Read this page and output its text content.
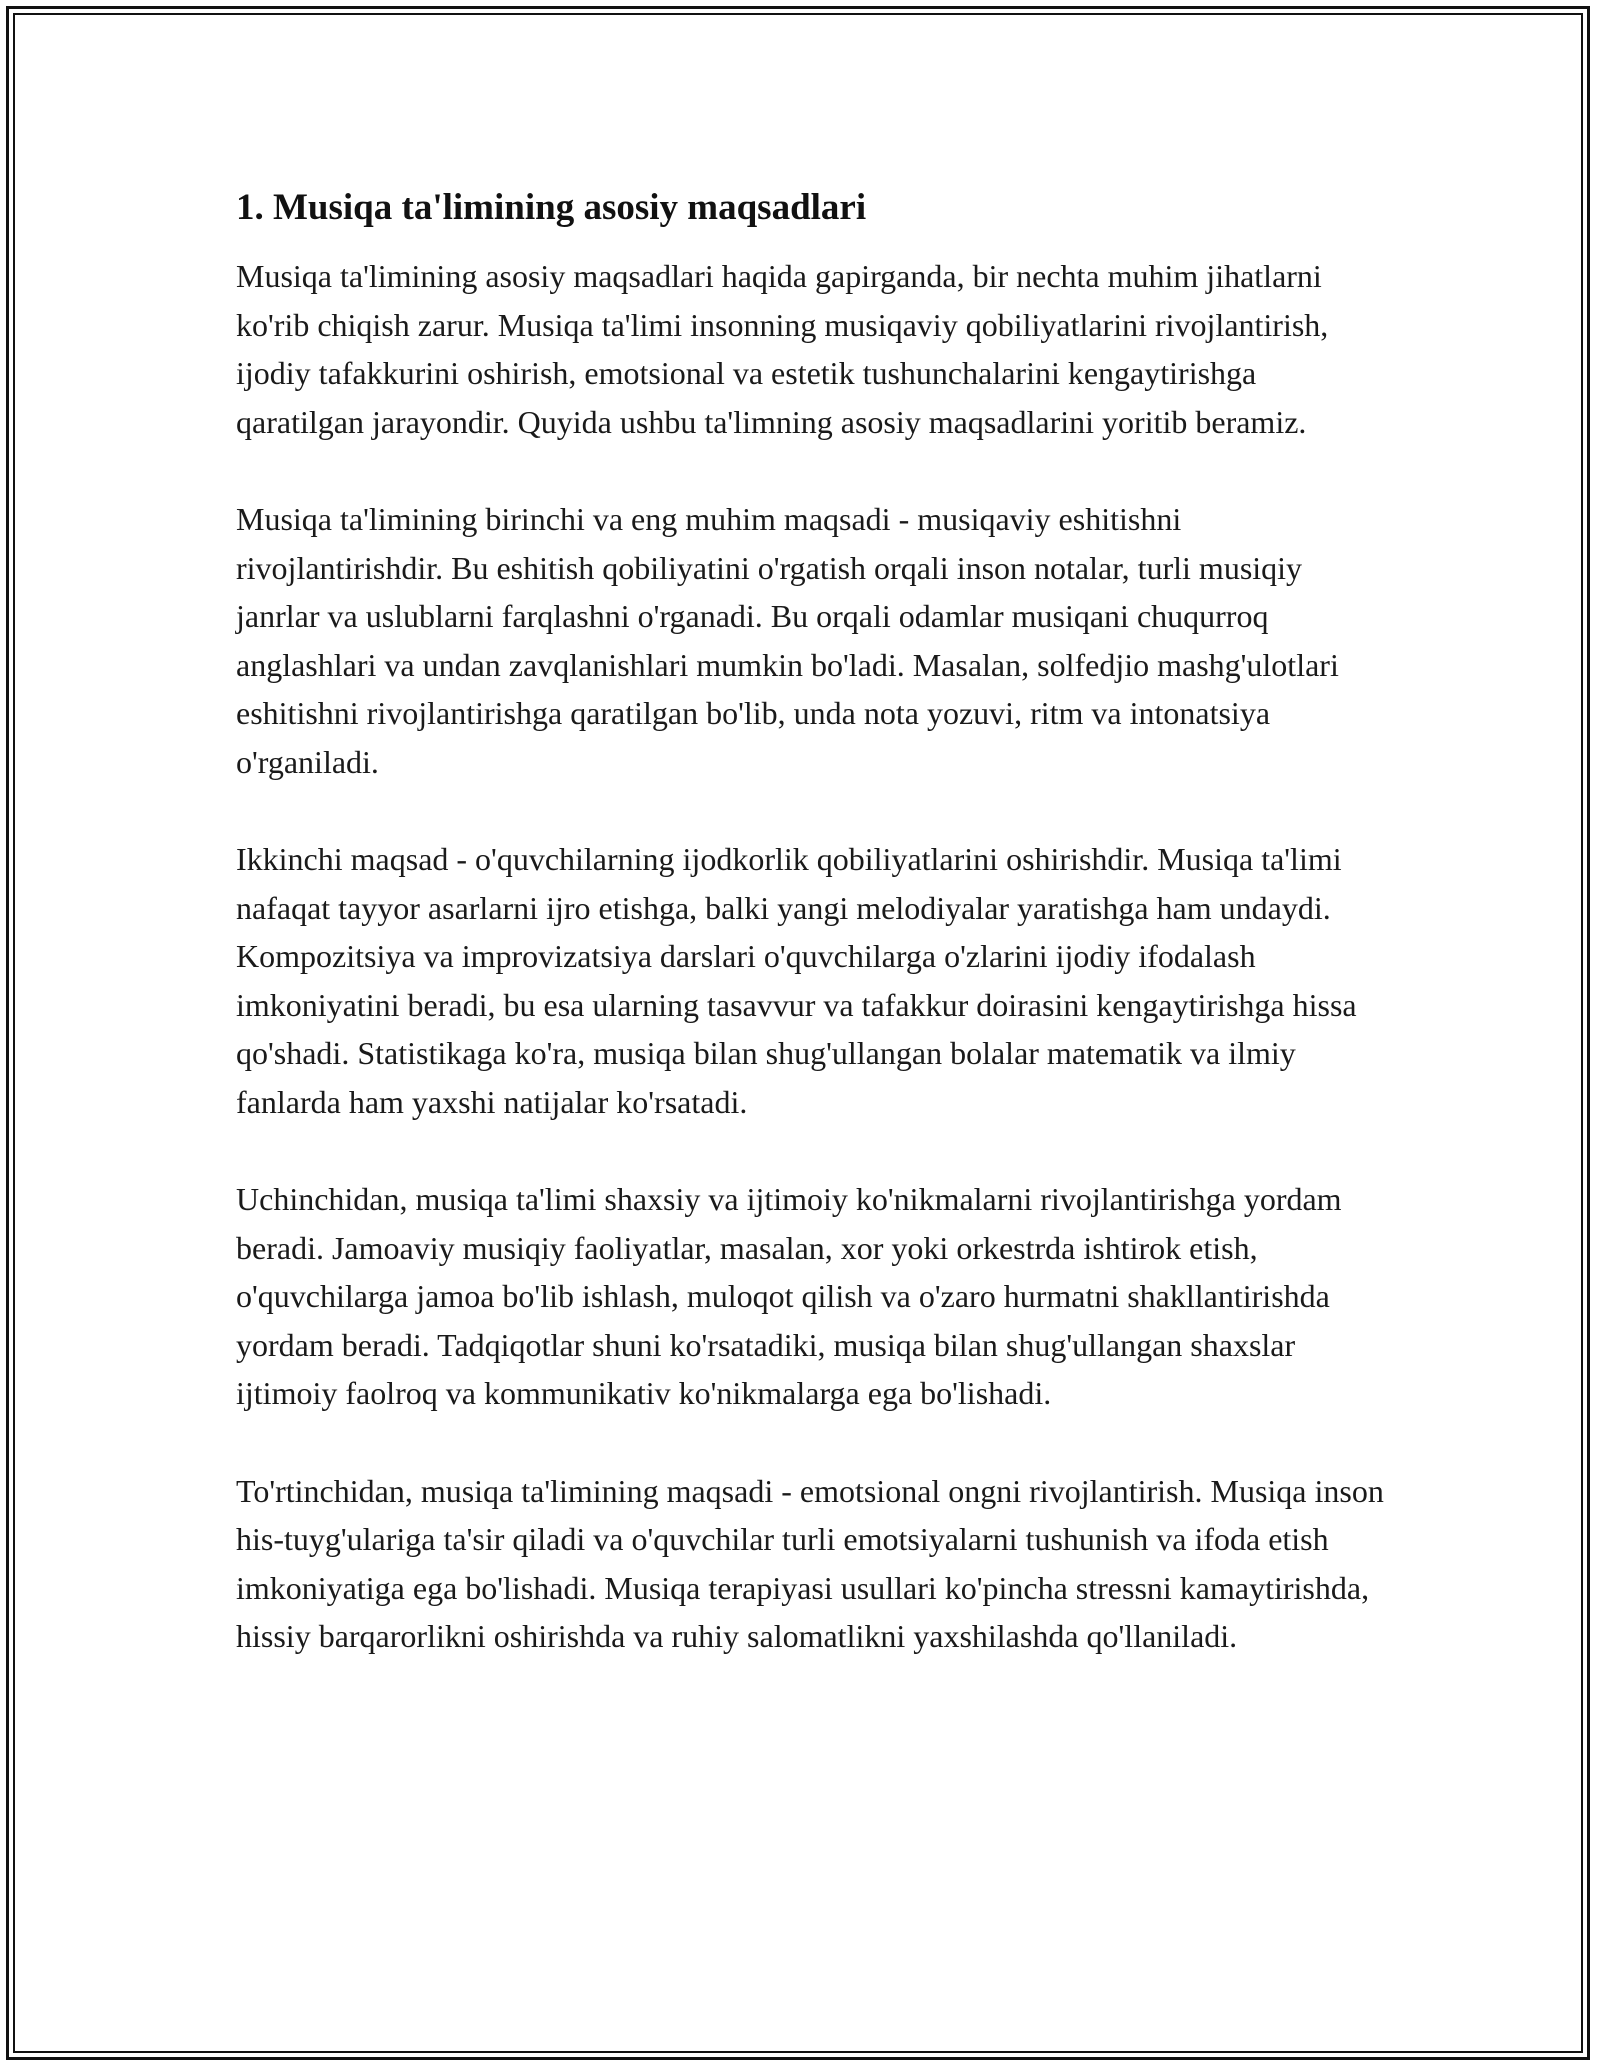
1. Musiqa ta'limining asosiy maqsadlari

Musiqa ta'limining asosiy maqsadlari haqida gapirganda, bir nechta muhim jihatlarni ko'rib chiqish zarur. Musiqa ta'limi insonning musiqaviy qobiliyatlarini rivojlantirish, ijodiy tafakkurini oshirish, emotsional va estetik tushunchalarini kengaytirishga qaratilgan jarayondir. Quyida ushbu ta'limning asosiy maqsadlarini yoritib beramiz.

Musiqa ta'limining birinchi va eng muhim maqsadi - musiqaviy eshitishni rivojlantirishdir. Bu eshitish qobiliyatini o'rgatish orqali inson notalar, turli musiqiy janrlar va uslublarni farqlashni o'rganadi. Bu orqali odamlar musiqani chuqurroq anglashlari va undan zavqlanishlari mumkin bo'ladi. Masalan, solfedjio mashg'ulotlari eshitishni rivojlantirishga qaratilgan bo'lib, unda nota yozuvi, ritm va intonatsiya o'rganiladi.

Ikkinchi maqsad - o'quvchilarning ijodkorlik qobiliyatlarini oshirishdir. Musiqa ta'limi nafaqat tayyor asarlarni ijro etishga, balki yangi melodiyalar yaratishga ham undaydi. Kompozitsiya va improvizatsiya darslari o'quvchilarga o'zlarini ijodiy ifodalash imkoniyatini beradi, bu esa ularning tasavvur va tafakkur doirasini kengaytirishga hissa qo'shadi. Statistikaga ko'ra, musiqa bilan shug'ullangan bolalar matematik va ilmiy fanlarda ham yaxshi natijalar ko'rsatadi.

Uchinchidan, musiqa ta'limi shaxsiy va ijtimoiy ko'nikmalarni rivojlantirishga yordam beradi. Jamoaviy musiqiy faoliyatlar, masalan, xor yoki orkestrda ishtirok etish, o'quvchilarga jamoa bo'lib ishlash, muloqot qilish va o'zaro hurmatni shakllantirishda yordam beradi. Tadqiqotlar shuni ko'rsatadiki, musiqa bilan shug'ullangan shaxslar ijtimoiy faolroq va kommunikativ ko'nikmalarga ega bo'lishadi.

To'rtinchidan, musiqa ta'limining maqsadi - emotsional ongni rivojlantirish. Musiqa inson his-tuyg'ulariga ta'sir qiladi va o'quvchilar turli emotsiyalarni tushunish va ifoda etish imkoniyatiga ega bo'lishadi. Musiqa terapiyasi usullari ko'pincha stressni kamaytirishda, hissiy barqarorlikni oshirishda va ruhiy salomatlikni yaxshilashda qo'llaniladi.
